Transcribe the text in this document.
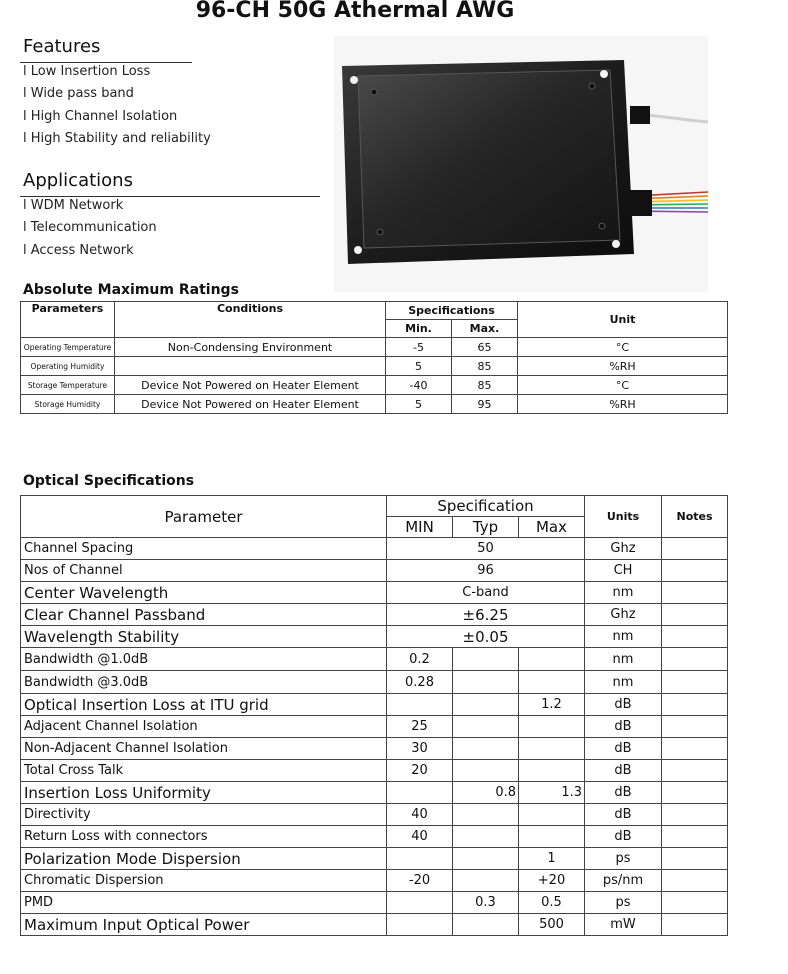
96-CH 50G Athermal AWG
Features
l Low Insertion Loss
l Wide pass band
l High Channel Isolation
l High Stability and reliability
Applications
l WDM Network
l Telecommunication
l Access Network
Absolute Maximum Ratings
Parameters	Conditions	Specifications		Unit
		Min.	Max.	
Operating Temperature	Non-Condensing Environment	-5	65	°C
Operating Humidity		5	85	%RH
Storage Temperature	Device Not Powered on Heater Element	-40	85	°C
Storage Humidity	Device Not Powered on Heater Element	5	95	%RH
Optical Specifications
Parameter	Specification			Units	Notes
	MIN	Typ	Max		
Channel Spacing	50			Ghz	
Nos of Channel	96			CH	
Center Wavelength	C-band			nm	
Clear Channel Passband	±6.25			Ghz	
Wavelength Stability	±0.05			nm	
Bandwidth @1.0dB	0.2			nm	
Bandwidth @3.0dB	0.28			nm	
Optical Insertion Loss at ITU grid			1.2	dB	
Adjacent Channel Isolation	25			dB	
Non-Adjacent Channel Isolation	30			dB	
Total Cross Talk	20			dB	
Insertion Loss Uniformity		0.8	1.3	dB	
Directivity	40			dB	
Return Loss with connectors	40			dB	
Polarization Mode Dispersion			1	ps	
Chromatic Dispersion	-20		+20	ps/nm	
PMD		0.3	0.5	ps	
Maximum Input Optical Power			500	mW	
